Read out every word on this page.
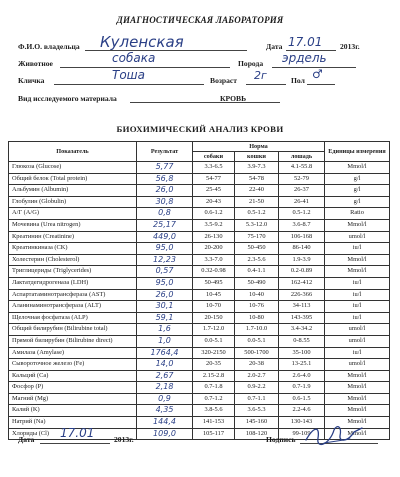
ДИАГНОСТИЧЕСКАЯ ЛАБОРАТОРИЯ
Ф.И.О. владельца Куленская	Дата 17.01 2013г.
Животное	собака	Порода эрдель
Кличка	Тоша	Возраст 2г	Пол ♂
Вид исследуемого материала	КРОВЬ
БИОХИМИЧЕСКИЙ АНАЛИЗ КРОВИ
Показатель	Результат	Норма			Единицы измерения
		собаки	кошки	лошадь	
Глюкоза (Glucose)	5,77	3.3-6.5	3.9-7.3	4.1-55.8	Mmol/l
Общий белок (Total protein)	56,8	54-77	54-78	52-79	g/l
Альбумин (Albumin)	26,0	25-45	22-40	26-37	g/l
Глобулин (Globulin)	30,8	20-43	21-50	26-41	g/l
А/Г (A/G)	0,8	0.6-1.2	0.5-1.2	0.5-1.2	Ratio
Мочевина (Urea nitrogen)	25,17	3.5-9.2	5.3-12.0	3.6-8.7	Mmol/l
Креатинин (Creatinine)	449,0	26-130	75-170	106-168	umol/l
Креатинкиназа (CK)	95,0	20-200	50-450	86-140	iu/l
Холестерин (Cholesterol)	12,23	3.3-7.0	2.3-5.6	1.9-3.9	Mmol/l
Триглицериды (Triglycerides)	0,57	0.32-0.98	0.4-1.1	0.2-0.89	Mmol/l
Лактатдегидрогеназа (LDH)	95,0	50-495	50-490	162-412	iu/l
Аспартатаминотрансфераза (AST)	26,0	10-45	10-40	226-366	iu/l
Аланинаминотрансфераза (ALT)	30,1	10-70	10-76	34-113	iu/l
Щелочная фосфатаза (ALP)	59,1	20-150	10-80	143-395	iu/l
Общий билирубин (Bilirubine total)	1,6	1.7-12.0	1.7-10.0	3.4-34.2	umol/l
Прямой билирубин (Bilirubine direct)	1,0	0.0-5.1	0.0-5.1	0-8.55	umol/l
Амилаза (Amylase)	1764,4	320-2150	500-1700	35-100	iu/l
Сывороточное железо (Fe)	14,0	20-35	20-38	13-25.1	umol/l
Кальций (Ca)	2,67	2.15-2.8	2.0-2.7	2.6-4.0	Mmol/l
Фосфор (P)	2,18	0.7-1.8	0.9-2.2	0.7-1.9	Mmol/l
Магний (Mg)	0,9	0.7-1.2	0.7-1.1	0.6-1.5	Mmol/l
Калий (K)	4,35	3.8-5.6	3.6-5.3	2.2-4.6	Mmol/l
Натрий (Na)	144,4	141-153	145-160	130-143	Mmol/l
Хлориды (Cl)	109,0	105-117	108-120	99-109	Mmol/l
Дата 17.01	2013г.	Подпись
